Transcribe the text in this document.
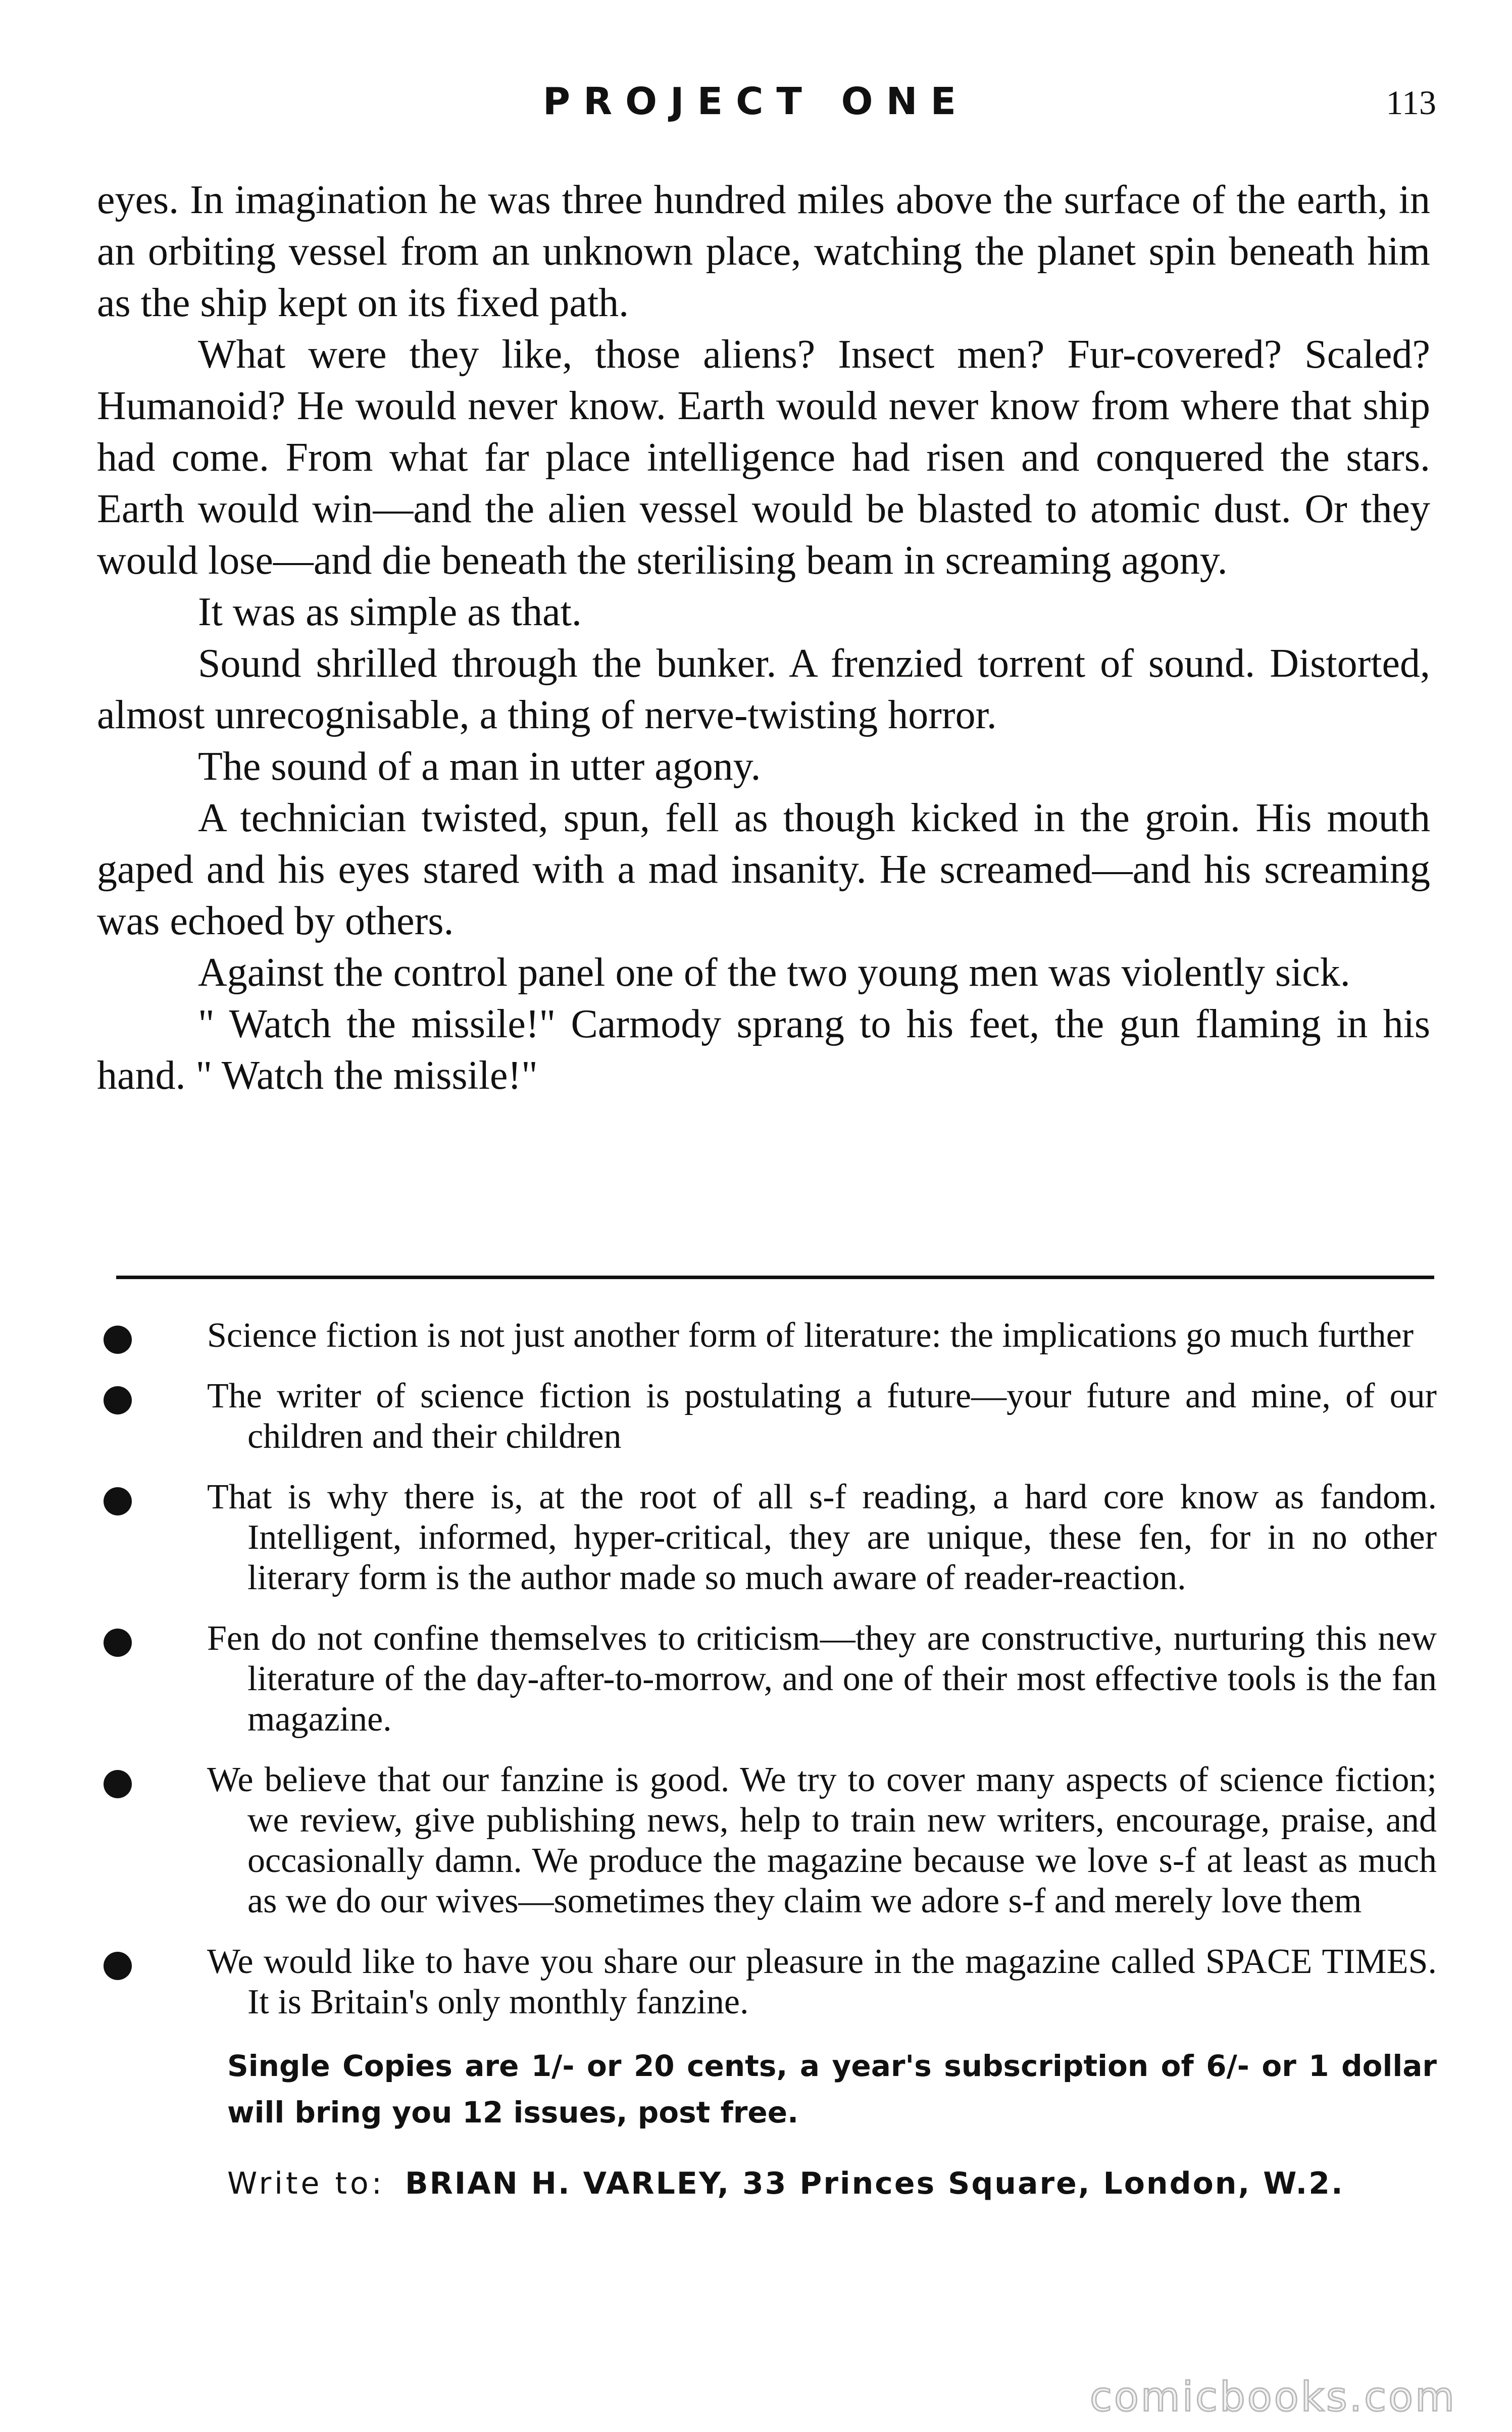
PROJECT ONE	113

eyes. In imagination he was three hundred miles above the surface of the earth, in an orbiting vessel from an unknown place, watching the planet spin beneath him as the ship kept on its fixed path.

What were they like, those aliens? Insect men? Fur-covered? Scaled? Humanoid? He would never know. Earth would never know from where that ship had come. From what far place intelligence had risen and conquered the stars. Earth would win—and the alien vessel would be blasted to atomic dust. Or they would lose—and die beneath the sterilising beam in screaming agony.

It was as simple as that.

Sound shrilled through the bunker. A frenzied torrent of sound. Distorted, almost unrecognisable, a thing of nerve-twisting horror.

The sound of a man in utter agony.

A technician twisted, spun, fell as though kicked in the groin. His mouth gaped and his eyes stared with a mad insanity. He screamed—and his screaming was echoed by others.

Against the control panel one of the two young men was violently sick.

" Watch the missile!" Carmody sprang to his feet, the gun flaming in his hand. " Watch the missile!"

Science fiction is not just another form of literature: the implications go much further
The writer of science fiction is postulating a future—your future and mine, of our children and their children
That is why there is, at the root of all s-f reading, a hard core know as fandom. Intelligent, informed, hyper-critical, they are unique, these fen, for in no other literary form is the author made so much aware of reader-reaction.
Fen do not confine themselves to criticism—they are constructive, nurturing this new literature of the day-after-to-morrow, and one of their most effective tools is the fan magazine.
We believe that our fanzine is good. We try to cover many aspects of science fiction; we review, give publishing news, help to train new writers, encourage, praise, and occasionally damn. We produce the magazine because we love s-f at least as much as we do our wives—sometimes they claim we adore s-f and merely love them
We would like to have you share our pleasure in the magazine called SPACE TIMES. It is Britain's only monthly fanzine.
Single Copies are 1/- or 20 cents, a year's subscription of 6/- or 1 dollar will bring you 12 issues, post free.
Write to: BRIAN H. VARLEY, 33 Princes Square, London, W.2.
comicbooks.com
